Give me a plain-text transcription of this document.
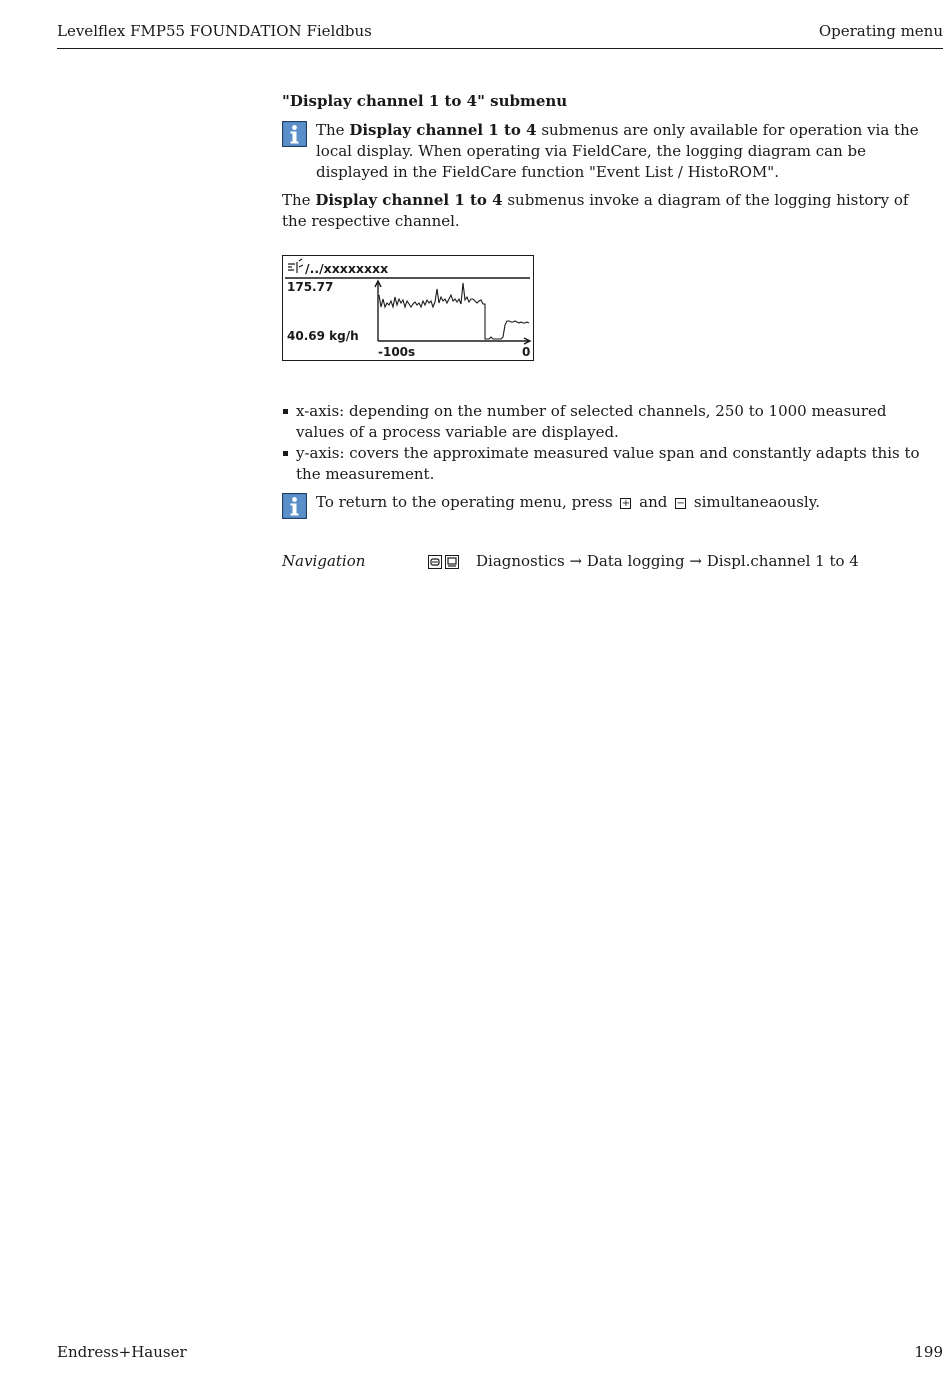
Levelflex FMP55 FOUNDATION Fieldbus	Operating menu
"Display channel 1 to 4" submenu
The Display channel 1 to 4 submenus are only available for operation via the local display. When operating via FieldCare, the logging diagram can be displayed in the FieldCare function "Event List / HistoROM".
The Display channel 1 to 4 submenus invoke a diagram of the logging history of the respective channel.
/../xxxxxxxx
175.77
40.69 kg/h
-100s	0
x-axis: depending on the number of selected channels, 250 to 1000 measured values of a process variable are displayed.
y-axis: covers the approximate measured value span and constantly adapts this to the measurement.
To return to the operating menu, press + and − simultaneaously.
Navigation	Diagnostics → Data logging → Displ.channel 1 to 4
Endress+Hauser	199
